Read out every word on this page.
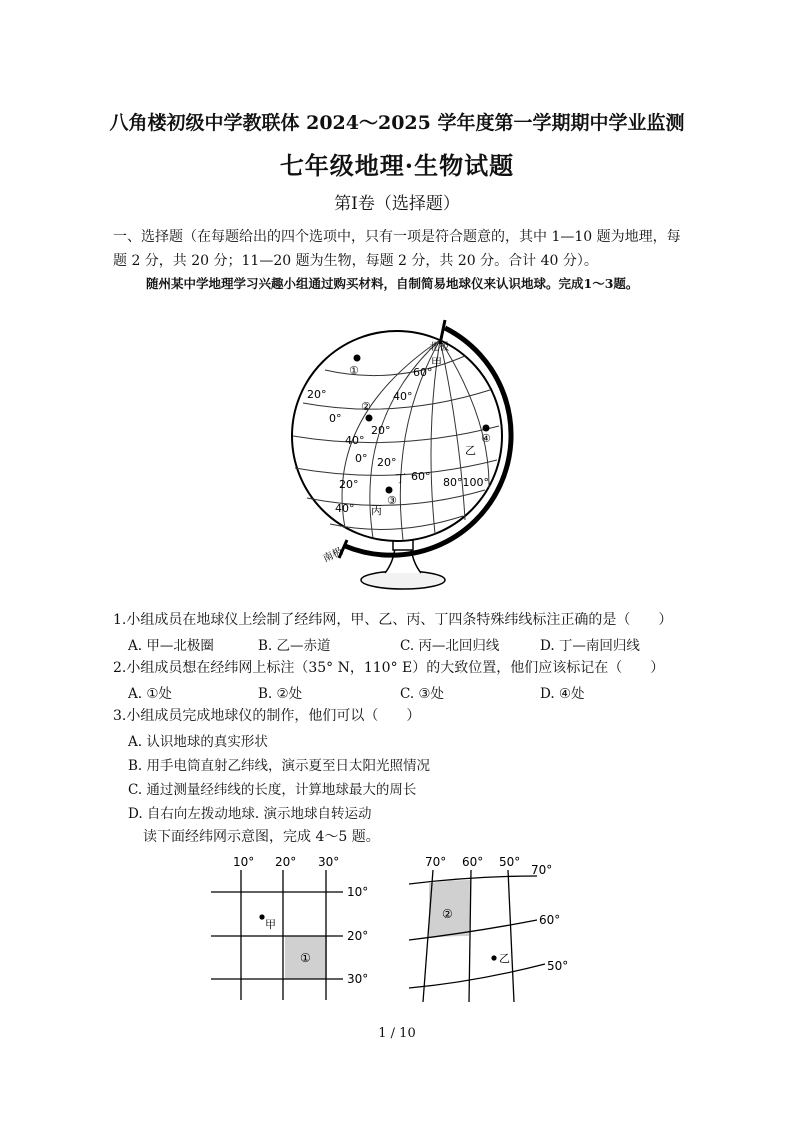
八角楼初级中学教联体 2024～2025 学年度第一学期期中学业监测
七年级地理·生物试题
第Ⅰ卷（选择题）
一、选择题（在每题给出的四个选项中，只有一项是符合题意的，其中 1—10 题为地理，每
题 2 分，共 20 分；11—20 题为生物，每题 2 分，共 20 分。合计 40 分）。
随州某中学地理学习兴趣小组通过购买材料，自制简易地球仪来认识地球。完成1～3题。
北极
南极
60°
40°
20°
0°
20°
40°
20°
0°
20°
40°
60° 80°100°
甲
乙
丙
丁
①
②
③
④
1.小组成员在地球仪上绘制了经纬网，甲、乙、丙、丁四条特殊纬线标注正确的是（　　）
A. 甲—北极圈	B. 乙—赤道	C. 丙—北回归线	D. 丁—南回归线
2.小组成员想在经纬网上标注（35° N，110° E）的大致位置，他们应该标记在（　　）
A. ①处	B. ②处	C. ③处	D. ④处
3.小组成员完成地球仪的制作，他们可以（　　）
A. 认识地球的真实形状
B. 用手电筒直射乙纬线，演示夏至日太阳光照情况
C. 通过测量经纬线的长度，计算地球最大的周长
D. 自右向左拨动地球. 演示地球自转运动
读下面经纬网示意图，完成 4～5 题。
10° 20° 30°
10°
20°
30°
甲
①
70° 60° 50°
70°
60°
50°
②
乙
1 / 10
